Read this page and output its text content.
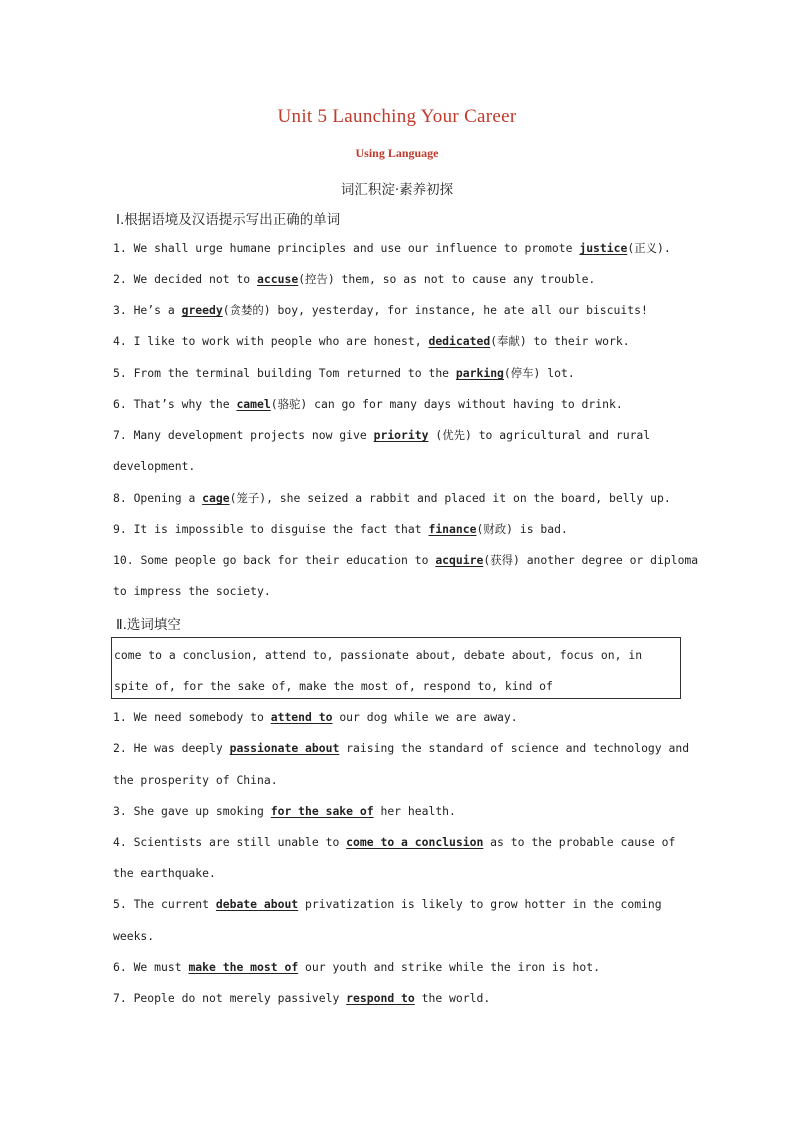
Unit 5 Launching Your Career
Using Language
词汇积淀·素养初探
Ⅰ.根据语境及汉语提示写出正确的单词
1. We shall urge humane principles and use our influence to promote justice(正义).
2. We decided not to accuse(控告) them, so as not to cause any trouble.
3. He’s a greedy(贪婪的) boy, yesterday, for instance, he ate all our biscuits!
4. I like to work with people who are honest, dedicated(奉献) to their work.
5. From the terminal building Tom returned to the parking(停车) lot.
6. That’s why the camel(骆驼) can go for many days without having to drink.
7. Many development projects now give priority (优先) to agricultural and rural
development.
8. Opening a cage(笼子), she seized a rabbit and placed it on the board, belly up.
9. It is impossible to disguise the fact that finance(财政) is bad.
10. Some people go back for their education to acquire(获得) another degree or diploma
to impress the society.
Ⅱ.选词填空
come to a conclusion, attend to, passionate about, debate about, focus on, in
spite of, for the sake of, make the most of, respond to, kind of
1. We need somebody to attend to our dog while we are away.
2. He was deeply passionate about raising the standard of science and technology and
the prosperity of China.
3. She gave up smoking for the sake of her health.
4. Scientists are still unable to come to a conclusion as to the probable cause of
the earthquake.
5. The current debate about privatization is likely to grow hotter in the coming
weeks.
6. We must make the most of our youth and strike while the iron is hot.
7. People do not merely passively respond to the world.
